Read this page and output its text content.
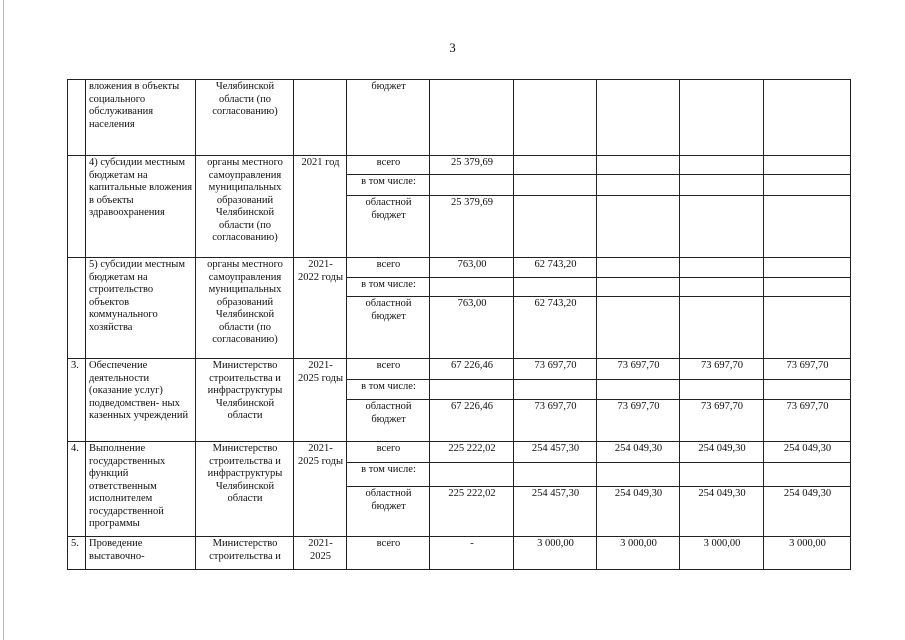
3
	вложения в объекты социального обслуживания населения	Челябинской области (по согласованию)		бюджет					
	4) субсидии местным бюджетам на капитальные вложения в объекты здравоохранения	органы местного самоуправления муниципальных образований Челябинской области (по согласованию)	2021 год	всего	25 379,69				
				в том числе:					
				областной бюджет	25 379,69				
	5) субсидии местным бюджетам на строительство объектов коммунального хозяйства	органы местного самоуправления муниципальных образований Челябинской области (по согласованию)	2021- 2022 годы	всего	763,00	62 743,20			
				в том числе:					
				областной бюджет	763,00	62 743,20			
3.	Обеспечение деятельности (оказание услуг) подведомствен- ных казенных учреждений	Министерство строительства и инфраструктуры Челябинской области	2021- 2025 годы	всего	67 226,46	73 697,70	73 697,70	73 697,70	73 697,70
				в том числе:					
				областной бюджет	67 226,46	73 697,70	73 697,70	73 697,70	73 697,70
4.	Выполнение государственных функций ответственным исполнителем государственной программы	Министерство строительства и инфраструктуры Челябинской области	2021- 2025 годы	всего	225 222,02	254 457,30	254 049,30	254 049,30	254 049,30
				в том числе:					
				областной бюджет	225 222,02	254 457,30	254 049,30	254 049,30	254 049,30
5.	Проведение выставочно-	Министерство строительства и	2021- 2025	всего	-	3 000,00	3 000,00	3 000,00	3 000,00
